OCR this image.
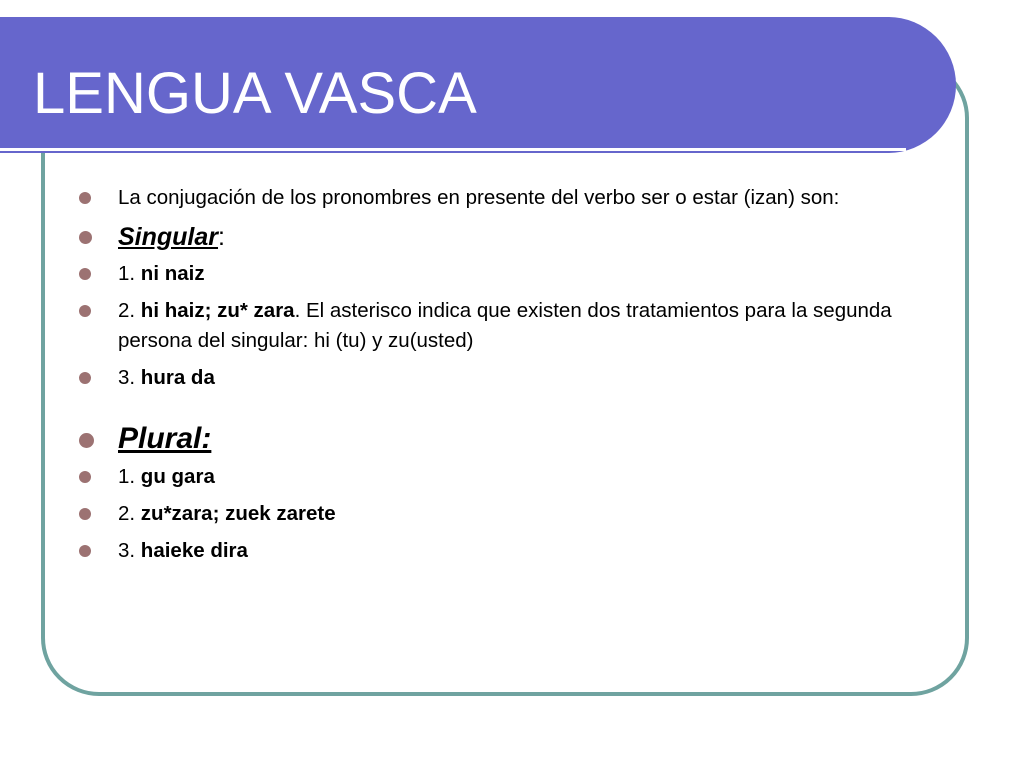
LENGUA VASCA
La conjugación de los pronombres en presente del verbo ser o estar (izan) son:
Singular:
1. ni naiz
2. hi haiz; zu* zara. El asterisco indica que existen dos tratamientos para la segunda persona del singular: hi (tu) y zu(usted)
3. hura da
Plural:
1. gu gara
2. zu*zara; zuek zarete
3. haieke dira
